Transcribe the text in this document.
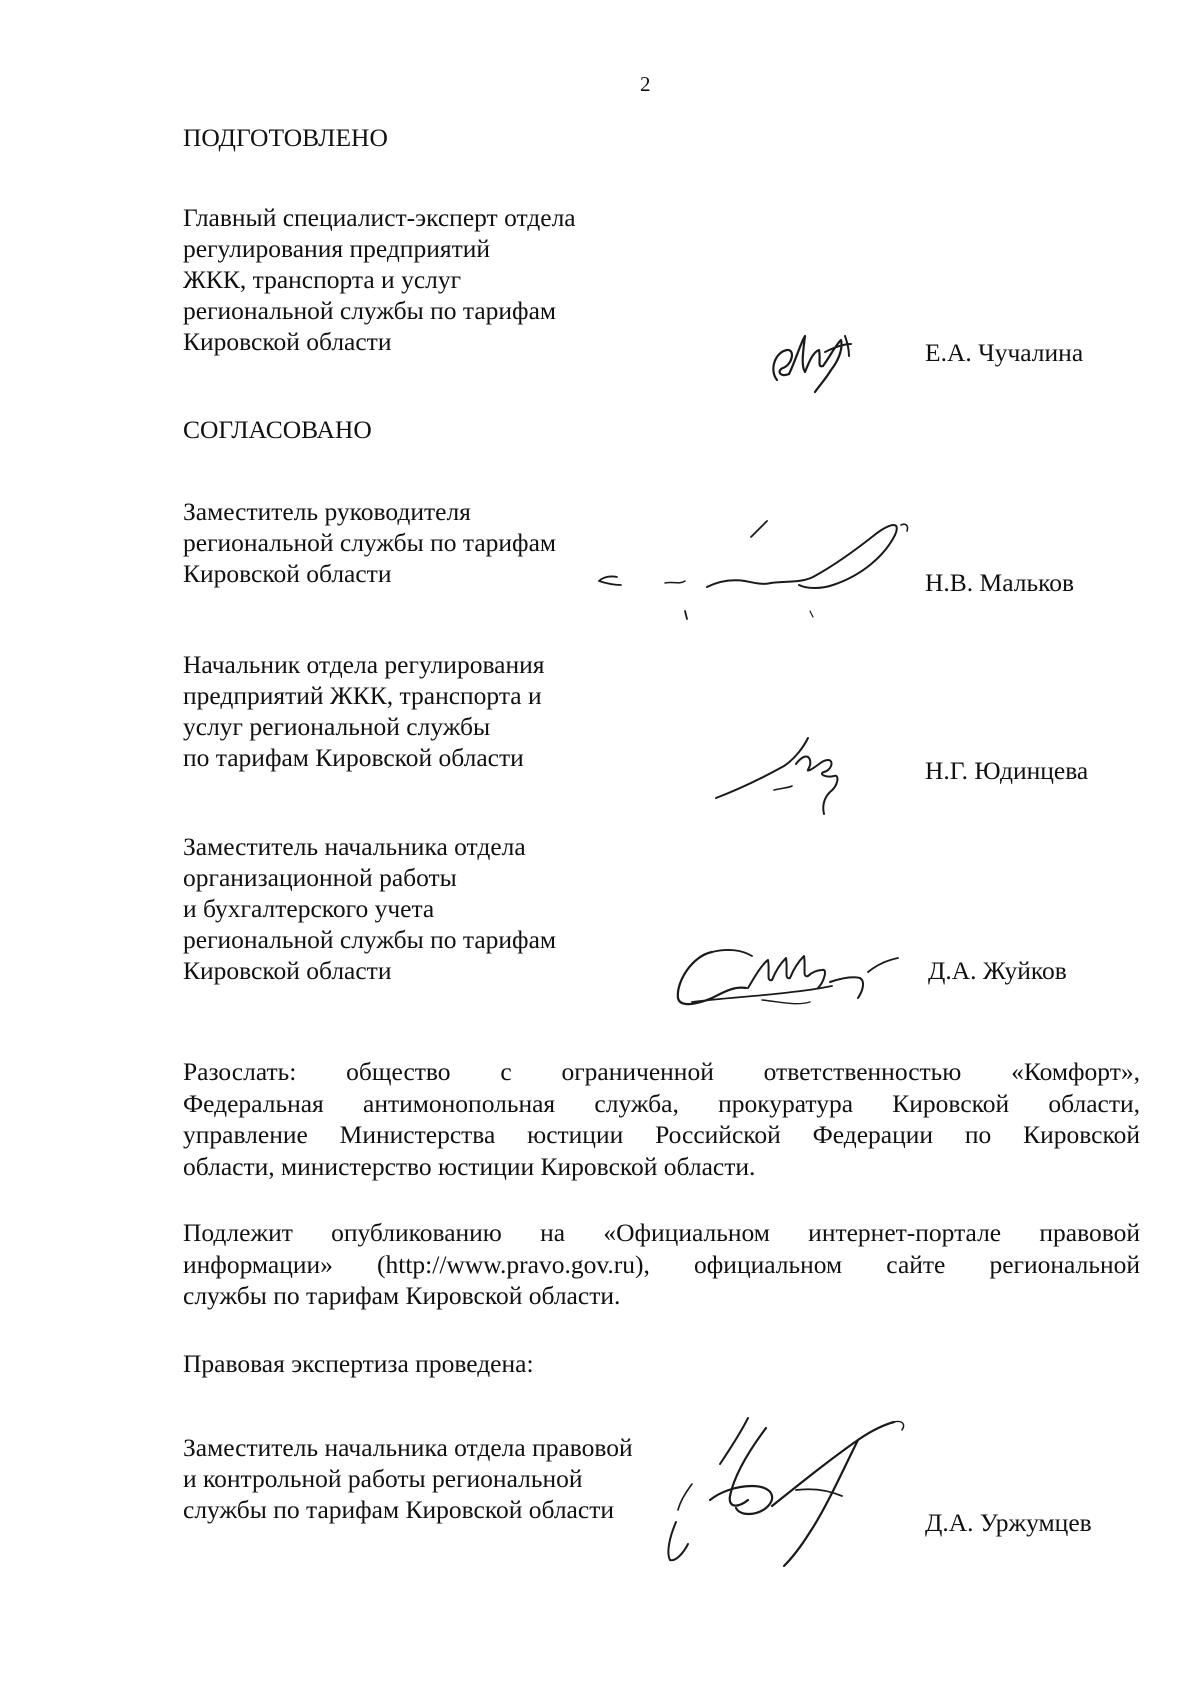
2
ПОДГОТОВЛЕНО
Главный специалист-эксперт отдела
регулирования предприятий
ЖКК, транспорта и услуг
региональной службы по тарифам
Кировской области	Е.А. Чучалина
СОГЛАСОВАНО
Заместитель руководителя
региональной службы по тарифам
Кировской области	Н.В. Мальков
Начальник отдела регулирования
предприятий ЖКК, транспорта и
услуг региональной службы
по тарифам Кировской области	Н.Г. Юдинцева
Заместитель начальника отдела
организационной работы
и бухгалтерского учета
региональной службы по тарифам
Кировской области	Д.А. Жуйков
Разослать: общество с ограниченной ответственностью «Комфорт»,
Федеральная антимонопольная служба, прокуратура Кировской области,
управление Министерства юстиции Российской Федерации по Кировской
области, министерство юстиции Кировской области.
Подлежит опубликованию на «Официальном интернет-портале правовой
информации» (http://www.pravo.gov.ru), официальном сайте региональной
службы по тарифам Кировской области.
Правовая экспертиза проведена:
Заместитель начальника отдела правовой
и контрольной работы региональной
службы по тарифам Кировской области	Д.А. Уржумцев
